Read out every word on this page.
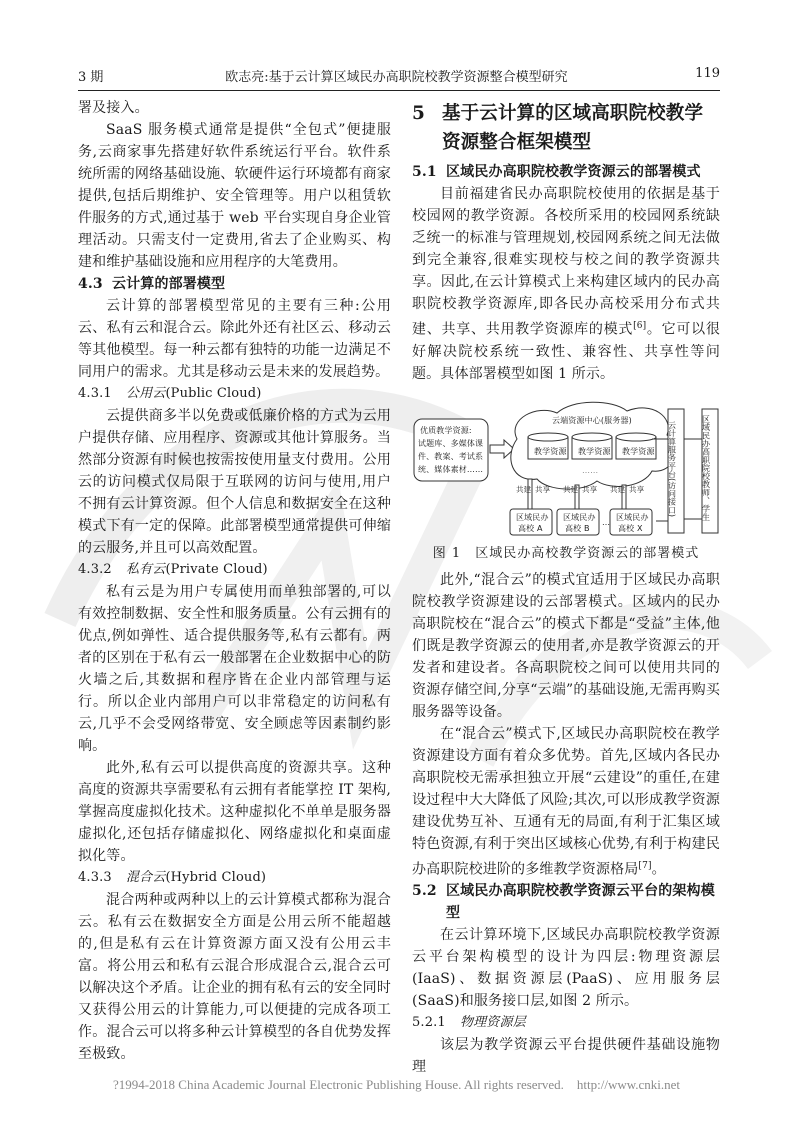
3 期	欧志亮:基于云计算区域民办高职院校教学资源整合模型研究	119

署及接入。

SaaS 服务模式通常是提供“全包式”便捷服务,云商家事先搭建好软件系统运行平台。软件系统所需的网络基础设施、软硬件运行环境都有商家提供,包括后期维护、安全管理等。用户以租赁软件服务的方式,通过基于 web 平台实现自身企业管理活动。只需支付一定费用,省去了企业购买、构建和维护基础设施和应用程序的大笔费用。

4.3 云计算的部署模型

云计算的部署模型常见的主要有三种:公用云、私有云和混合云。除此外还有社区云、移动云等其他模型。每一种云都有独特的功能一边满足不同用户的需求。尤其是移动云是未来的发展趋势。

4.3.1 公用云(Public Cloud)

云提供商多半以免费或低廉价格的方式为云用户提供存储、应用程序、资源或其他计算服务。当然部分资源有时候也按需按使用量支付费用。公用云的访问模式仅局限于互联网的访问与使用,用户不拥有云计算资源。但个人信息和数据安全在这种模式下有一定的保障。此部署模型通常提供可伸缩的云服务,并且可以高效配置。

4.3.2 私有云(Private Cloud)

私有云是为用户专属使用而单独部署的,可以有效控制数据、安全性和服务质量。公有云拥有的优点,例如弹性、适合提供服务等,私有云都有。两者的区别在于私有云一般部署在企业数据中心的防火墙之后,其数据和程序皆在企业内部管理与运行。所以企业内部用户可以非常稳定的访问私有云,几乎不会受网络带宽、安全顾虑等因素制约影响。

此外,私有云可以提供高度的资源共享。这种高度的资源共享需要私有云拥有者能掌控 IT 架构,掌握高度虚拟化技术。这种虚拟化不单单是服务器虚拟化,还包括存储虚拟化、网络虚拟化和桌面虚拟化等。

4.3.3 混合云(Hybrid Cloud)

混合两种或两种以上的云计算模式都称为混合云。私有云在数据安全方面是公用云所不能超越的,但是私有云在计算资源方面又没有公用云丰富。将公用云和私有云混合形成混合云,混合云可以解决这个矛盾。让企业的拥有私有云的安全同时又获得公用云的计算能力,可以便捷的完成各项工作。混合云可以将多种云计算模型的各自优势发挥至极致。

5 基于云计算的区域高职院校教学资源整合框架模型
5.1 区域民办高职院校教学资源云的部署模式

目前福建省民办高职院校使用的依据是基于校园网的教学资源。各校所采用的校园网系统缺乏统一的标准与管理规划,校园网系统之间无法做到完全兼容,很难实现校与校之间的教学资源共享。因此,在云计算模式上来构建区域内的民办高职院校教学资源库,即各民办高校采用分布式共建、共享、共用教学资源库的模式[6]。它可以很好解决院校系统一致性、兼容性、共享性等问题。具体部署模型如图 1 所示。

优质教学资源:
试题库、多媒体课
件、教案、考试系
统、媒体素材……
云端资源中心(服务器)
教学资源 教学资源 教学资源
……
共建 共享 共建 共享 共建 共享
区域民办
高校 A
区域民办
高校 B
…
区域民办
高校 X
云计算服务平台(访问接口)	区域民办高职院校教师、学生
图 1 区域民办高校教学资源云的部署模式

此外,“混合云”的模式宜适用于区域民办高职院校教学资源建设的云部署模式。区域内的民办高职院校在“混合云”的模式下都是“受益”主体,他们既是教学资源云的使用者,亦是教学资源云的开发者和建设者。各高职院校之间可以使用共同的资源存储空间,分享“云端”的基础设施,无需再购买服务器等设备。

在“混合云”模式下,区域民办高职院校在教学资源建设方面有着众多优势。首先,区域内各民办高职院校无需承担独立开展“云建设”的重任,在建设过程中大大降低了风险;其次,可以形成教学资源建设优势互补、互通有无的局面,有利于汇集区域特色资源,有利于突出区域核心优势,有利于构建民办高职院校进阶的多维教学资源格局[7]。

5.2 区域民办高职院校教学资源云平台的架构模型

在云计算环境下,区域民办高职院校教学资源云平台架构模型的设计为四层:物理资源层(IaaS)、数据资源层(PaaS)、应用服务层(SaaS)和服务接口层,如图 2 所示。

5.2.1 物理资源层

该层为教学资源云平台提供硬件基础设施物理

?1994-2018 China Academic Journal Electronic Publishing House. All rights reserved. http://www.cnki.net
